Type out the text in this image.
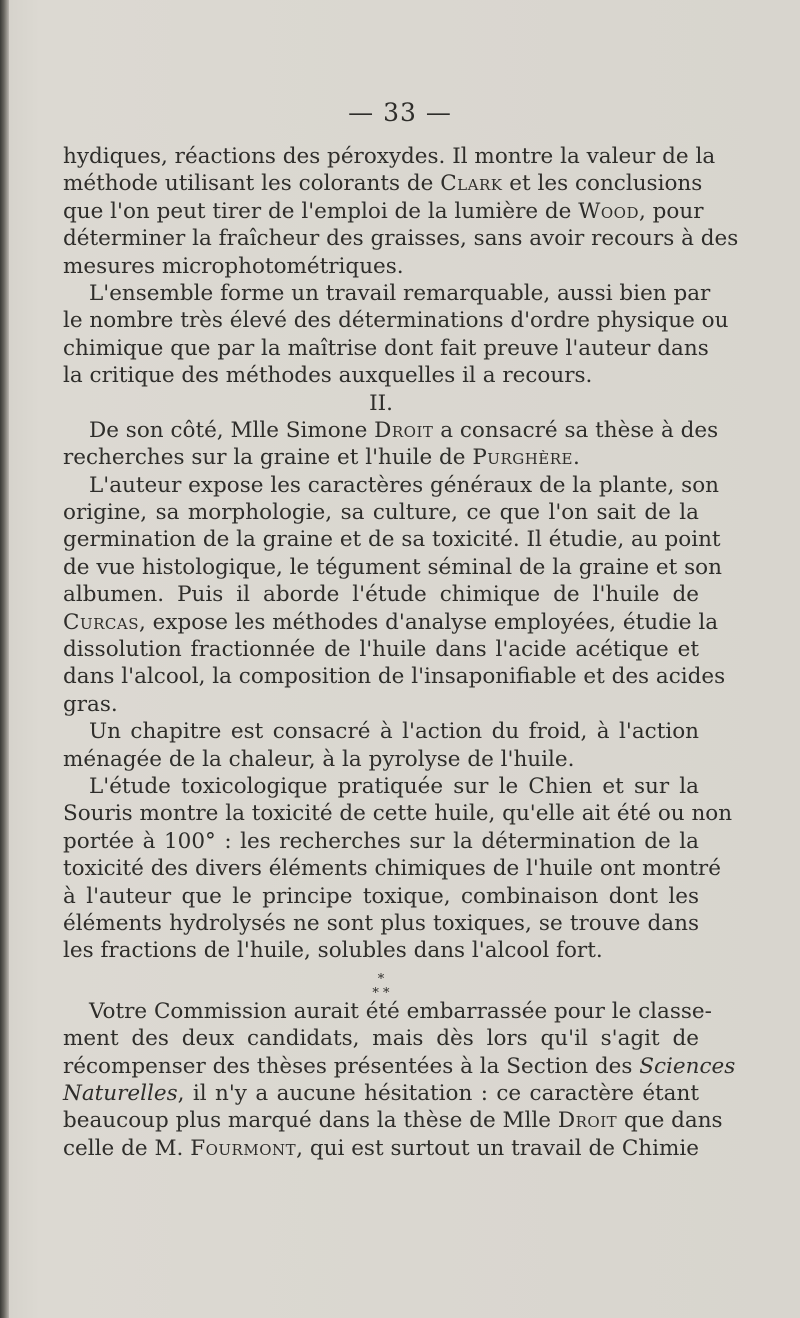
— 33 —
hydiques, réactions des péroxydes. Il montre la valeur de la
méthode utilisant les colorants de Clark et les conclusions
que l'on peut tirer de l'emploi de la lumière de Wood, pour
déterminer la fraîcheur des graisses, sans avoir recours à des
mesures microphotométriques.
L'ensemble forme un travail remarquable, aussi bien par
le nombre très élevé des déterminations d'ordre physique ou
chimique que par la maîtrise dont fait preuve l'auteur dans
la critique des méthodes auxquelles il a recours.
II.
De son côté, Mlle Simone Droit a consacré sa thèse à des
recherches sur la graine et l'huile de Purghère.
L'auteur expose les caractères généraux de la plante, son
origine, sa morphologie, sa culture, ce que l'on sait de la
germination de la graine et de sa toxicité. Il étudie, au point
de vue histologique, le tégument séminal de la graine et son
albumen. Puis il aborde l'étude chimique de l'huile de
Curcas, expose les méthodes d'analyse employées, étudie la
dissolution fractionnée de l'huile dans l'acide acétique et
dans l'alcool, la composition de l'insaponifiable et des acides
gras.
Un chapitre est consacré à l'action du froid, à l'action
ménagée de la chaleur, à la pyrolyse de l'huile.
L'étude toxicologique pratiquée sur le Chien et sur la
Souris montre la toxicité de cette huile, qu'elle ait été ou non
portée à 100° : les recherches sur la détermination de la
toxicité des divers éléments chimiques de l'huile ont montré
à l'auteur que le principe toxique, combinaison dont les
éléments hydrolysés ne sont plus toxiques, se trouve dans
les fractions de l'huile, solubles dans l'alcool fort.
*
* *
Votre Commission aurait été embarrassée pour le classe-
ment des deux candidats, mais dès lors qu'il s'agit de
récompenser des thèses présentées à la Section des Sciences
Naturelles, il n'y a aucune hésitation : ce caractère étant
beaucoup plus marqué dans la thèse de Mlle Droit que dans
celle de M. Fourmont, qui est surtout un travail de Chimie
